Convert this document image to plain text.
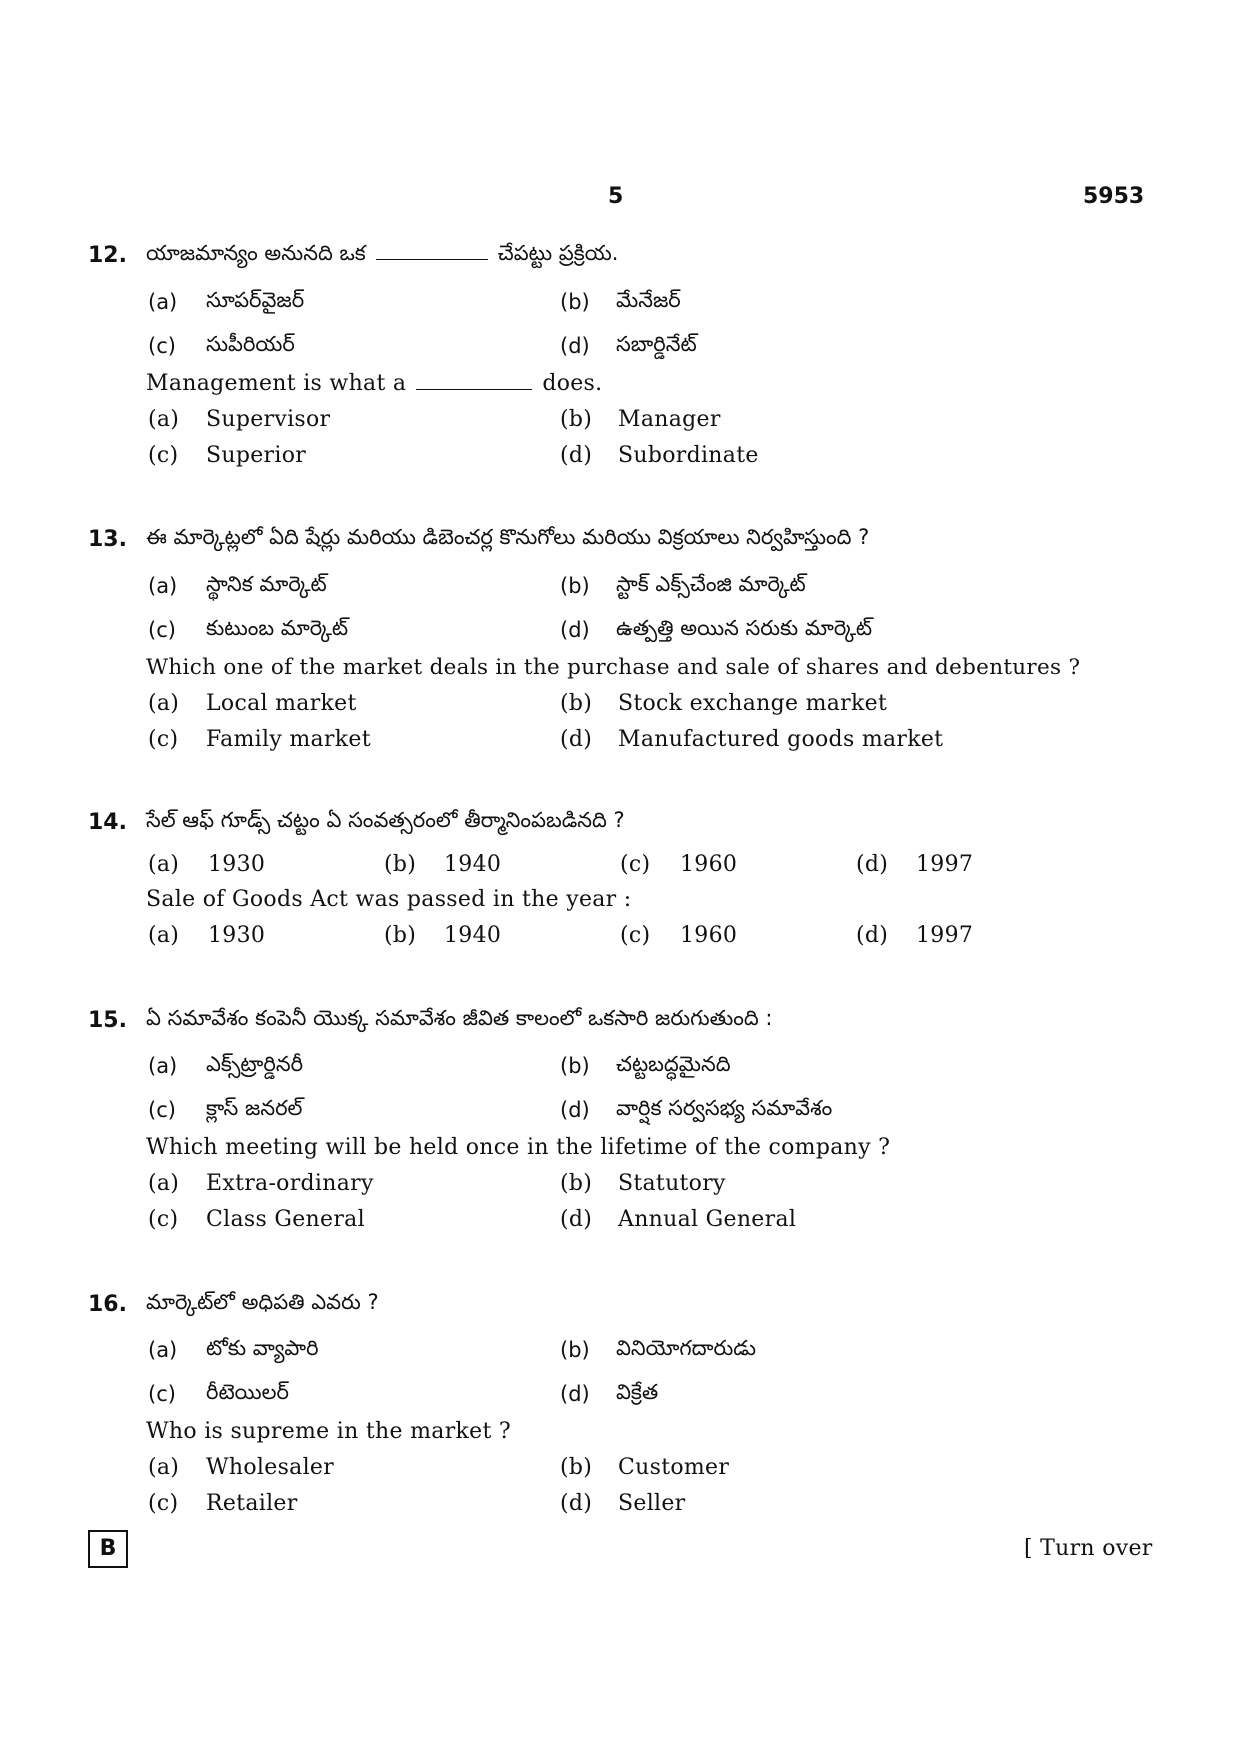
5	5953
12. యాజమాన్యం అనునది ఒక	చేపట్టు ప్రక్రియ.
(a) సూపర్‌వైజర్	(b) మేనేజర్
(c) సుపీరియర్	(d) సబార్డినేట్
Management is what a	does.
(a) Supervisor	(b) Manager
(c) Superior	(d) Subordinate
13. ఈ మార్కెట్లలో ఏది షేర్లు మరియు డిబెంచర్ల కొనుగోలు మరియు విక్రయాలు నిర్వహిస్తుంది ?
(a) స్థానిక మార్కెట్	(b) స్టాక్ ఎక్స్‌చేంజి మార్కెట్
(c) కుటుంబ మార్కెట్	(d) ఉత్పత్తి అయిన సరుకు మార్కెట్
Which one of the market deals in the purchase and sale of shares and debentures ?
(a) Local market	(b) Stock exchange market
(c) Family market	(d) Manufactured goods market
14. సేల్ ఆఫ్ గూడ్స్ చట్టం ఏ సంవత్సరంలో తీర్మానింపబడినది ?
(a) 1930	(b) 1940	(c) 1960	(d) 1997
Sale of Goods Act was passed in the year :
(a) 1930	(b) 1940	(c) 1960	(d) 1997
15. ఏ సమావేశం కంపెనీ యొక్క సమావేశం జీవిత కాలంలో ఒకసారి జరుగుతుంది :
(a) ఎక్స్‌ట్రార్డినరీ	(b) చట్టబద్ధమైనది
(c) క్లాస్ జనరల్	(d) వార్షిక సర్వసభ్య సమావేశం
Which meeting will be held once in the lifetime of the company ?
(a) Extra-ordinary	(b) Statutory
(c) Class General	(d) Annual General
16. మార్కెట్‌లో అధిపతి ఎవరు ?
(a) టోకు వ్యాపారి	(b) వినియోగదారుడు
(c) రీటెయిలర్	(d) విక్రేత
Who is supreme in the market ?
(a) Wholesaler	(b) Customer
(c) Retailer	(d) Seller
B	[ Turn over
